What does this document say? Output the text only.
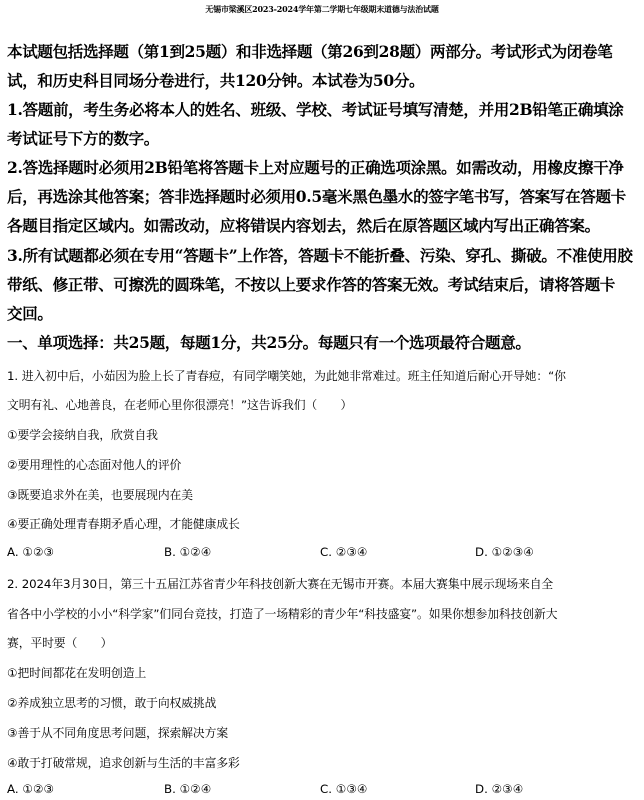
无锡市梁溪区2023-2024学年第二学期七年级期末道德与法治试题
本试题包括选择题（第1到25题）和非选择题（第26到28题）两部分。考试形式为闭卷笔
试，和历史科目同场分卷进行，共120分钟。本试卷为50分。
1.答题前，考生务必将本人的姓名、班级、学校、考试证号填写清楚，并用2B铅笔正确填涂
考试证号下方的数字。
2.答选择题时必须用2B铅笔将答题卡上对应题号的正确选项涂黑。如需改动，用橡皮擦干净
后，再选涂其他答案；答非选择题时必须用0.5毫米黑色墨水的签字笔书写，答案写在答题卡
各题目指定区域内。如需改动，应将错误内容划去，然后在原答题区域内写出正确答案。
3.所有试题都必须在专用“答题卡”上作答，答题卡不能折叠、污染、穿孔、撕破。不准使用胶
带纸、修正带、可擦洗的圆珠笔，不按以上要求作答的答案无效。考试结束后，请将答题卡
交回。
一、单项选择：共25题，每题1分，共25分。每题只有一个选项最符合题意。
1. 进入初中后，小茹因为脸上长了青春痘，有同学嘲笑她，为此她非常难过。班主任知道后耐心开导她：“你
文明有礼、心地善良，在老师心里你很漂亮！”这告诉我们（　　）
①要学会接纳自我，欣赏自我
②要用理性的心态面对他人的评价
③既要追求外在美，也要展现内在美
④要正确处理青春期矛盾心理，才能健康成长
A. ①②③	B. ①②④	C. ②③④	D. ①②③④
2. 2024年3月30日，第三十五届江苏省青少年科技创新大赛在无锡市开赛。本届大赛集中展示现场来自全
省各中小学校的小小“科学家”们同台竞技，打造了一场精彩的青少年“科技盛宴”。如果你想参加科技创新大
赛，平时要（　　）
①把时间都花在发明创造上
②养成独立思考的习惯，敢于向权威挑战
③善于从不同角度思考问题，探索解决方案
④敢于打破常规，追求创新与生活的丰富多彩
A. ①②③	B. ①②④	C. ①③④	D. ②③④
